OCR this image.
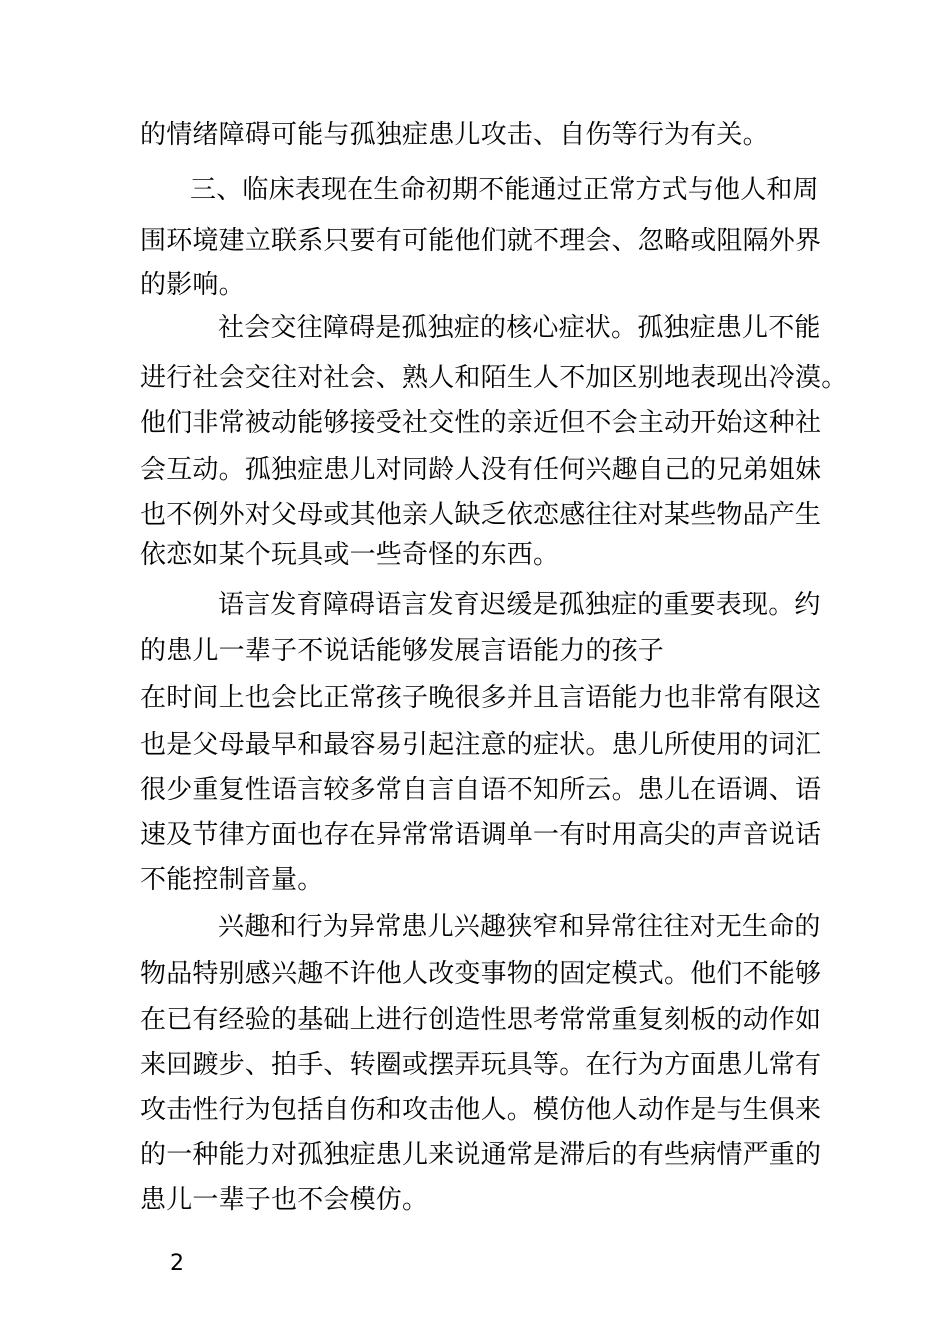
的情绪障碍可能与孤独症患儿攻击、自伤等行为有关。
三、临床表现在生命初期不能通过正常方式与他人和周
围环境建立联系只要有可能他们就不理会、忽略或阻隔外界
的影响。
社会交往障碍是孤独症的核心症状。孤独症患儿不能
进行社会交往对社会、熟人和陌生人不加区别地表现出冷漠。
他们非常被动能够接受社交性的亲近但不会主动开始这种社
会互动。孤独症患儿对同龄人没有任何兴趣自己的兄弟姐妹
也不例外对父母或其他亲人缺乏依恋感往往对某些物品产生
依恋如某个玩具或一些奇怪的东西。
语言发育障碍语言发育迟缓是孤独症的重要表现。约
的患儿一辈子不说话能够发展言语能力的孩子
在时间上也会比正常孩子晚很多并且言语能力也非常有限这
也是父母最早和最容易引起注意的症状。患儿所使用的词汇
很少重复性语言较多常自言自语不知所云。患儿在语调、语
速及节律方面也存在异常常语调单一有时用高尖的声音说话
不能控制音量。
兴趣和行为异常患儿兴趣狭窄和异常往往对无生命的
物品特别感兴趣不许他人改变事物的固定模式。他们不能够
在已有经验的基础上进行创造性思考常常重复刻板的动作如
来回踱步、拍手、转圈或摆弄玩具等。在行为方面患儿常有
攻击性行为包括自伤和攻击他人。模仿他人动作是与生俱来
的一种能力对孤独症患儿来说通常是滞后的有些病情严重的
患儿一辈子也不会模仿。
2
